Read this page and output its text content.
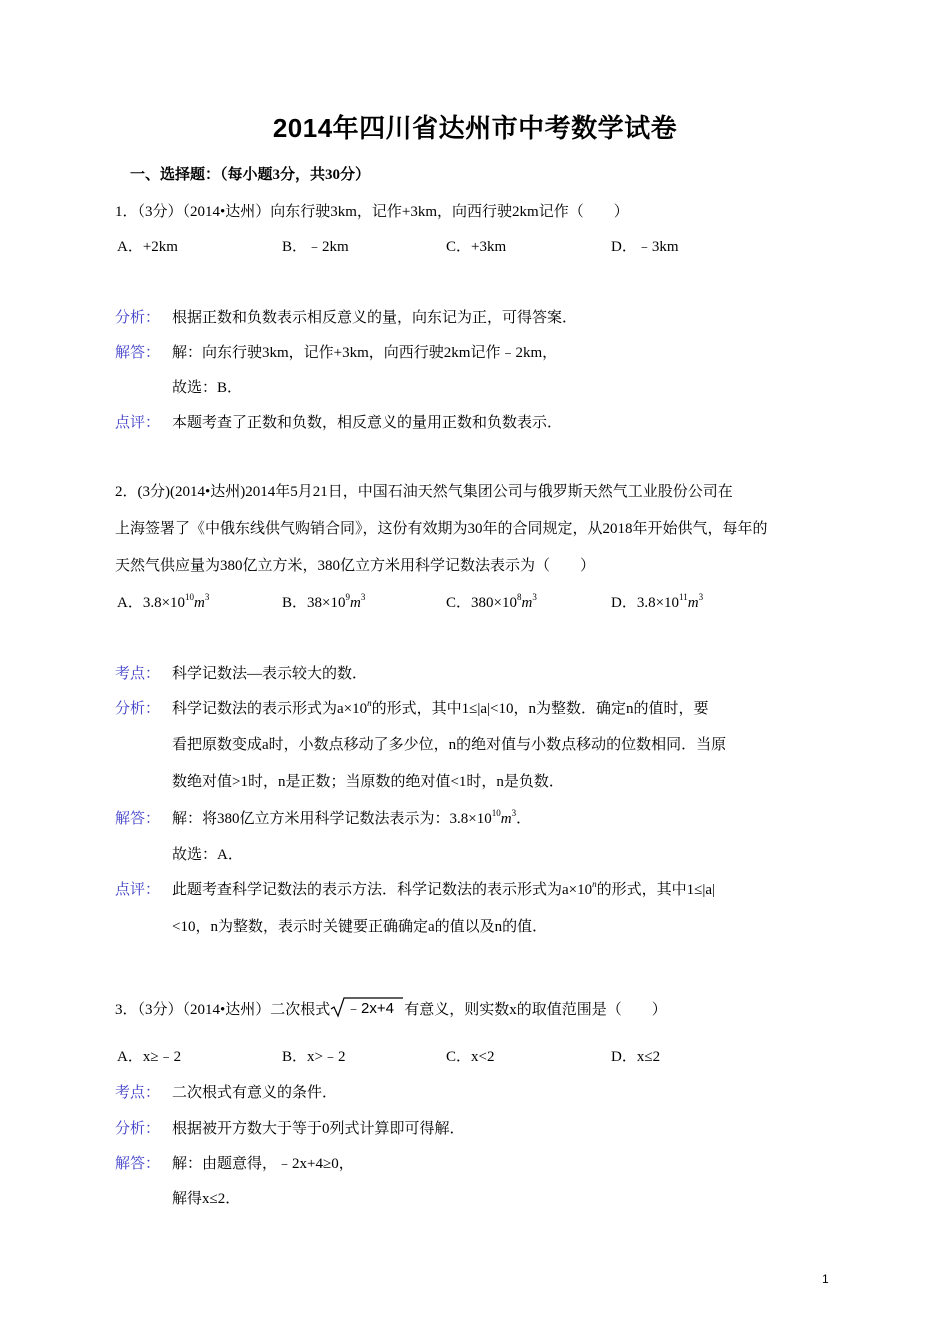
2014年四川省达州市中考数学试卷
一、选择题：（每小题3分，共30分）
1．（3分）（2014•达州）向东行驶3km，记作+3km，向西行驶2km记作（　　）
A．+2km	B．﹣2km	C．+3km	D．﹣3km
分析： 根据正数和负数表示相反意义的量，向东记为正，可得答案．
解答： 解：向东行驶3km，记作+3km，向西行驶2km记作﹣2km，
故选：B．
点评： 本题考查了正数和负数，相反意义的量用正数和负数表示．
2．(3分)(2014•达州)2014年5月21日，中国石油天然气集团公司与俄罗斯天然气工业股份公司在
上海签署了《中俄东线供气购销合同》，这份有效期为30年的合同规定，从2018年开始供气，每年的
天然气供应量为380亿立方米，380亿立方米用科学记数法表示为（　　）
A．$3.8\times 10^{10}m^3$	B．$38\times 10^9m^3$	C．$380\times 10^8m^3$	D．$3.8\times 10^{11}m^3$
考点： 科学记数法—表示较大的数．
分析： 科学记数法的表示形式为$a\times 10^n$的形式，其中1≤|a|<10，n为整数．确定n的值时，要
看把原数变成a时，小数点移动了多少位，n的绝对值与小数点移动的位数相同．当原
数绝对值>1时，n是正数；当原数的绝对值<1时，n是负数．
解答： 解：将380亿立方米用科学记数法表示为：$3.8\times 10^{10}m^3$．
故选：A．
点评： 此题考查科学记数法的表示方法．科学记数法的表示形式为$a\times 10^n$的形式，其中1≤|a|
<10，n为整数，表示时关键要正确确定a的值以及n的值．
3．（3分）（2014•达州）二次根式 ﹣2x+4 有意义，则实数x的取值范围是（　　）
A．x≥﹣2	B．x>﹣2	C．x<2	D．x≤2
考点： 二次根式有意义的条件．
分析： 根据被开方数大于等于0列式计算即可得解．
解答： 解：由题意得，﹣2x+4≥0，
解得x≤2．
1
